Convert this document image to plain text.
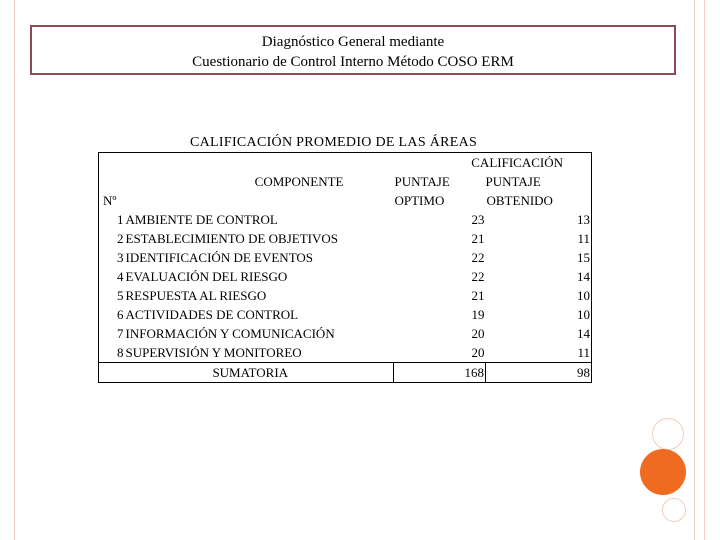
Diagnóstico General mediante
Cuestionario de Control Interno Método COSO ERM
CALIFICACIÓN PROMEDIO DE LAS ÁREAS
		CALIFICACIÓN	
	COMPONENTE	PUNTAJE	PUNTAJE
Nº		OPTIMO	OBTENIDO
1	AMBIENTE DE CONTROL	23	13
2	ESTABLECIMIENTO DE OBJETIVOS	21	11
3	IDENTIFICACIÓN DE EVENTOS	22	15
4	EVALUACIÓN DEL RIESGO	22	14
5	RESPUESTA AL RIESGO	21	10
6	ACTIVIDADES DE CONTROL	19	10
7	INFORMACIÓN Y COMUNICACIÓN	20	14
8	SUPERVISIÓN Y MONITOREO	20	11
	SUMATORIA	168	98
